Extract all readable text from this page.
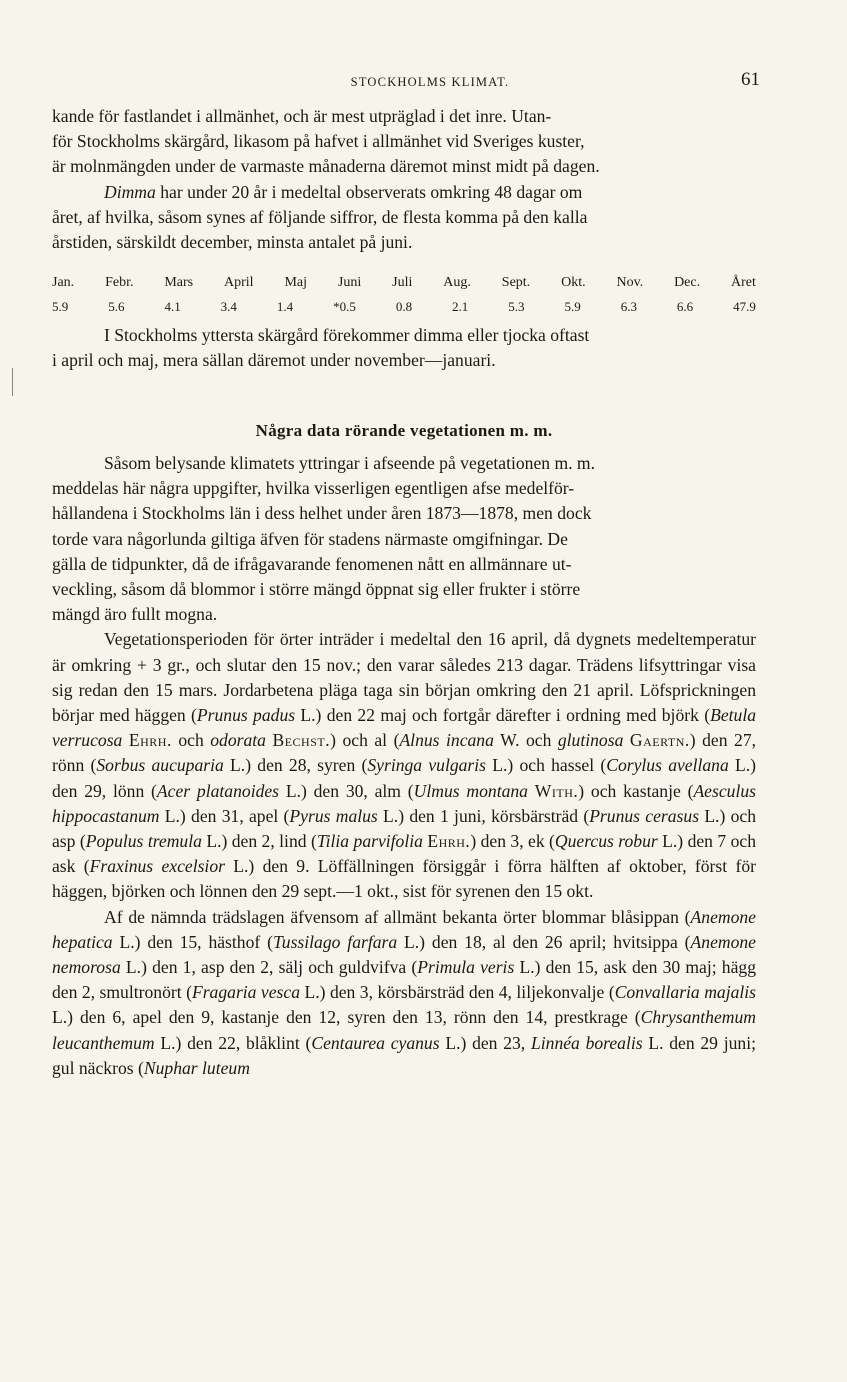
STOCKHOLMS KLIMAT.	61

kande för fastlandet i allmänhet, och är mest utpräglad i det inre. Utan-

för Stockholms skärgård, likasom på hafvet i allmänhet vid Sveriges kuster,

är molnmängden under de varmaste månaderna däremot minst midt på dagen.

Dimma har under 20 år i medeltal observerats omkring 48 dagar om

året, af hvilka, såsom synes af följande siffror, de flesta komma på den kalla

årstiden, särskildt december, minsta antalet på juni.

Jan. Febr. Mars April Maj Juni Juli Aug. Sept. Okt. Nov. Dec. Året
5.9	5.6	4.1	3.4	1.4	*0.5	0.8	2.1	5.3	5.9	6.3	6.6	47.9

I Stockholms yttersta skärgård förekommer dimma eller tjocka oftast

i april och maj, mera sällan däremot under november—januari.

Några data rörande vegetationen m. m.

Såsom belysande klimatets yttringar i afseende på vegetationen m. m.
meddelas här några uppgifter, hvilka visserligen egentligen afse medelför-
hållandena i Stockholms län i dess helhet under åren 1873—1878, men dock
torde vara någorlunda giltiga äfven för stadens närmaste omgifningar. De
gälla de tidpunkter, då de ifrågavarande fenomenen nått en allmännare ut-
veckling, såsom då blommor i större mängd öppnat sig eller frukter i större
mängd äro fullt mogna.

Vegetationsperioden för örter inträder i medeltal den 16 april, då dygnets medeltemperatur är omkring + 3 gr., och slutar den 15 nov.; den varar således 213 dagar. Trädens lifsyttringar visa sig redan den 15 mars. Jordarbetena pläga taga sin början omkring den 21 april. Löfsprickningen börjar med häggen (Prunus padus L.) den 22 maj och fortgår därefter i ordning med björk (Betula verrucosa Ehrh. och odorata Bechst.) och al (Alnus incana W. och glutinosa Gaertn.) den 27, rönn (Sorbus aucuparia L.) den 28, syren (Syringa vulgaris L.) och hassel (Corylus avellana L.) den 29, lönn (Acer platanoides L.) den 30, alm (Ulmus montana With.) och kastanje (Aesculus hippocastanum L.) den 31, apel (Pyrus malus L.) den 1 juni, körsbärsträd (Prunus cerasus L.) och asp (Populus tremula L.) den 2, lind (Tilia parvifolia Ehrh.) den 3, ek (Quercus robur L.) den 7 och ask (Fraxinus excelsior L.) den 9. Löffällningen försiggår i förra hälften af oktober, först för häggen, björken och lönnen den 29 sept.—1 okt., sist för syrenen den 15 okt.

Af de nämnda trädslagen äfvensom af allmänt bekanta örter blommar blåsippan (Anemone hepatica L.) den 15, hästhof (Tussilago farfara L.) den 18, al den 26 april; hvitsippa (Anemone nemorosa L.) den 1, asp den 2, sälj och guldvifva (Primula veris L.) den 15, ask den 30 maj; hägg den 2, smultronört (Fragaria vesca L.) den 3, körsbärsträd den 4, liljekonvalje (Convallaria majalis L.) den 6, apel den 9, kastanje den 12, syren den 13, rönn den 14, prestkrage (Chrysanthemum leucanthemum L.) den 22, blåklint (Centaurea cyanus L.) den 23, Linnéa borealis L. den 29 juni; gul näckros (Nuphar luteum
